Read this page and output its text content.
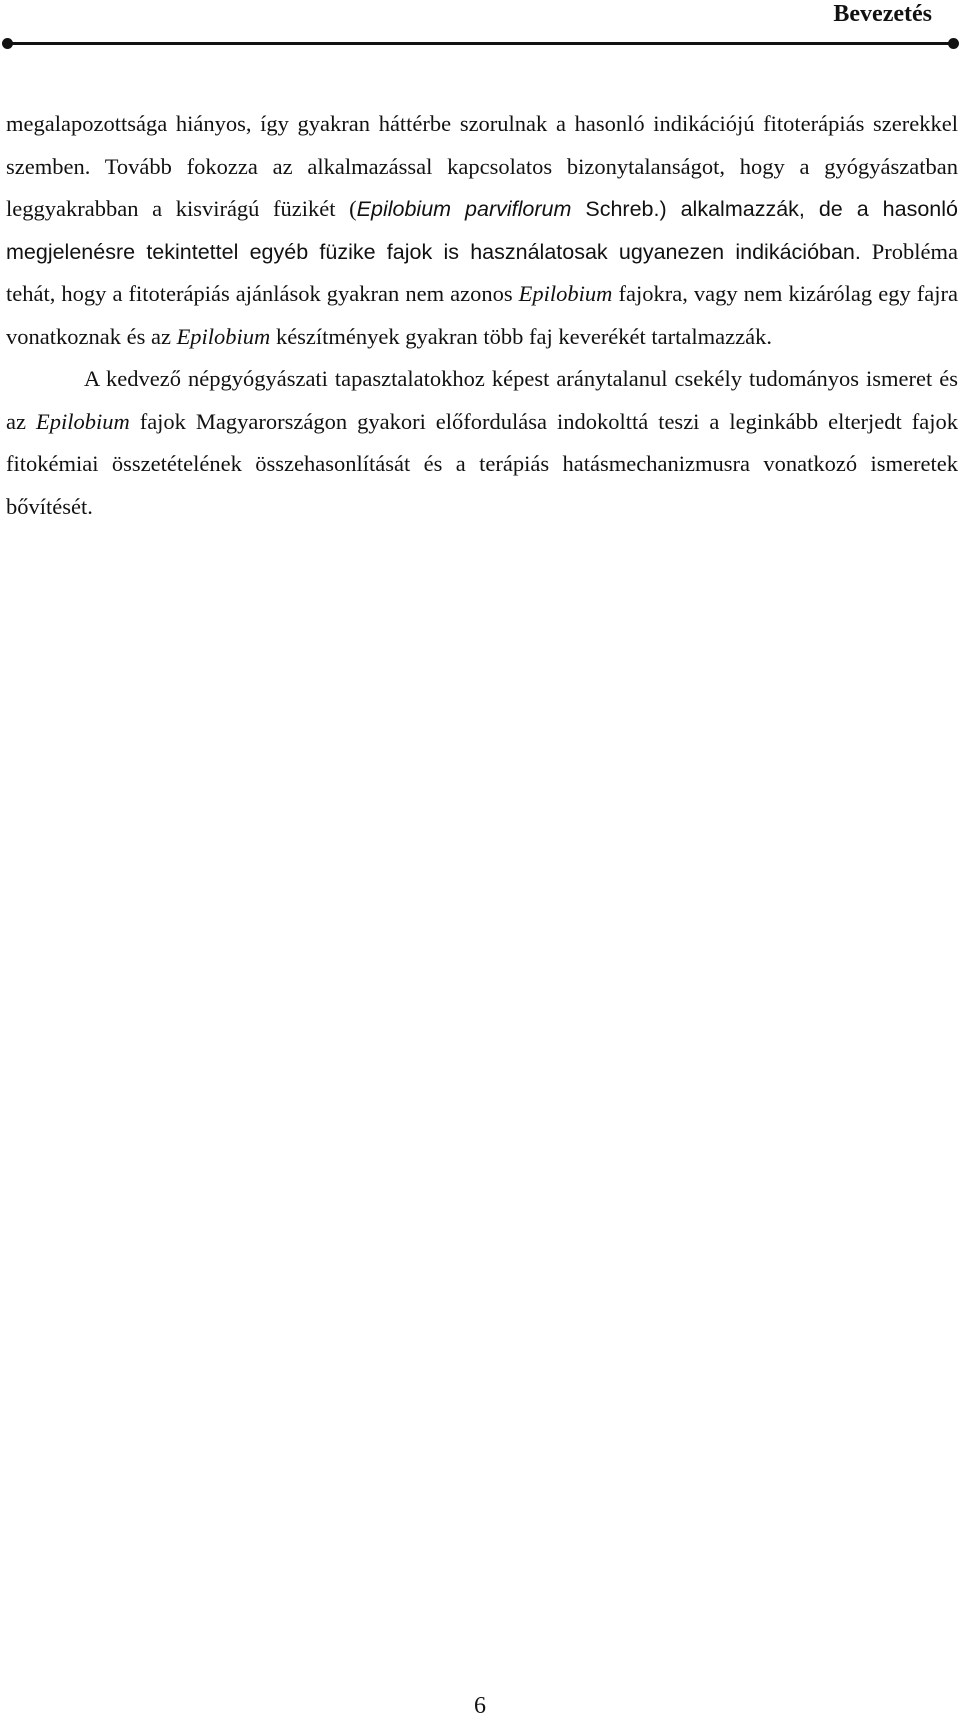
Bevezetés

megalapozottsága hiányos, így gyakran háttérbe szorulnak a hasonló indikációjú fitoterápiás szerekkel szemben. Tovább fokozza az alkalmazással kapcsolatos bizonytalanságot, hogy a gyógyászatban leggyakrabban a kisvirágú füzikét (Epilobium parviflorum Schreb.) alkalmazzák, de a hasonló megjelenésre tekintettel egyéb füzike fajok is használatosak ugyanezen indikációban. Probléma tehát, hogy a fitoterápiás ajánlások gyakran nem azonos Epilobium fajokra, vagy nem kizárólag egy fajra vonatkoznak és az Epilobium készítmények gyakran több faj keverékét tartalmazzák.

A kedvező népgyógyászati tapasztalatokhoz képest aránytalanul csekély tudományos ismeret és az Epilobium fajok Magyarországon gyakori előfordulása indokolttá teszi a leginkább elterjedt fajok fitokémiai összetételének összehasonlítását és a terápiás hatásmechanizmusra vonatkozó ismeretek bővítését.

6
